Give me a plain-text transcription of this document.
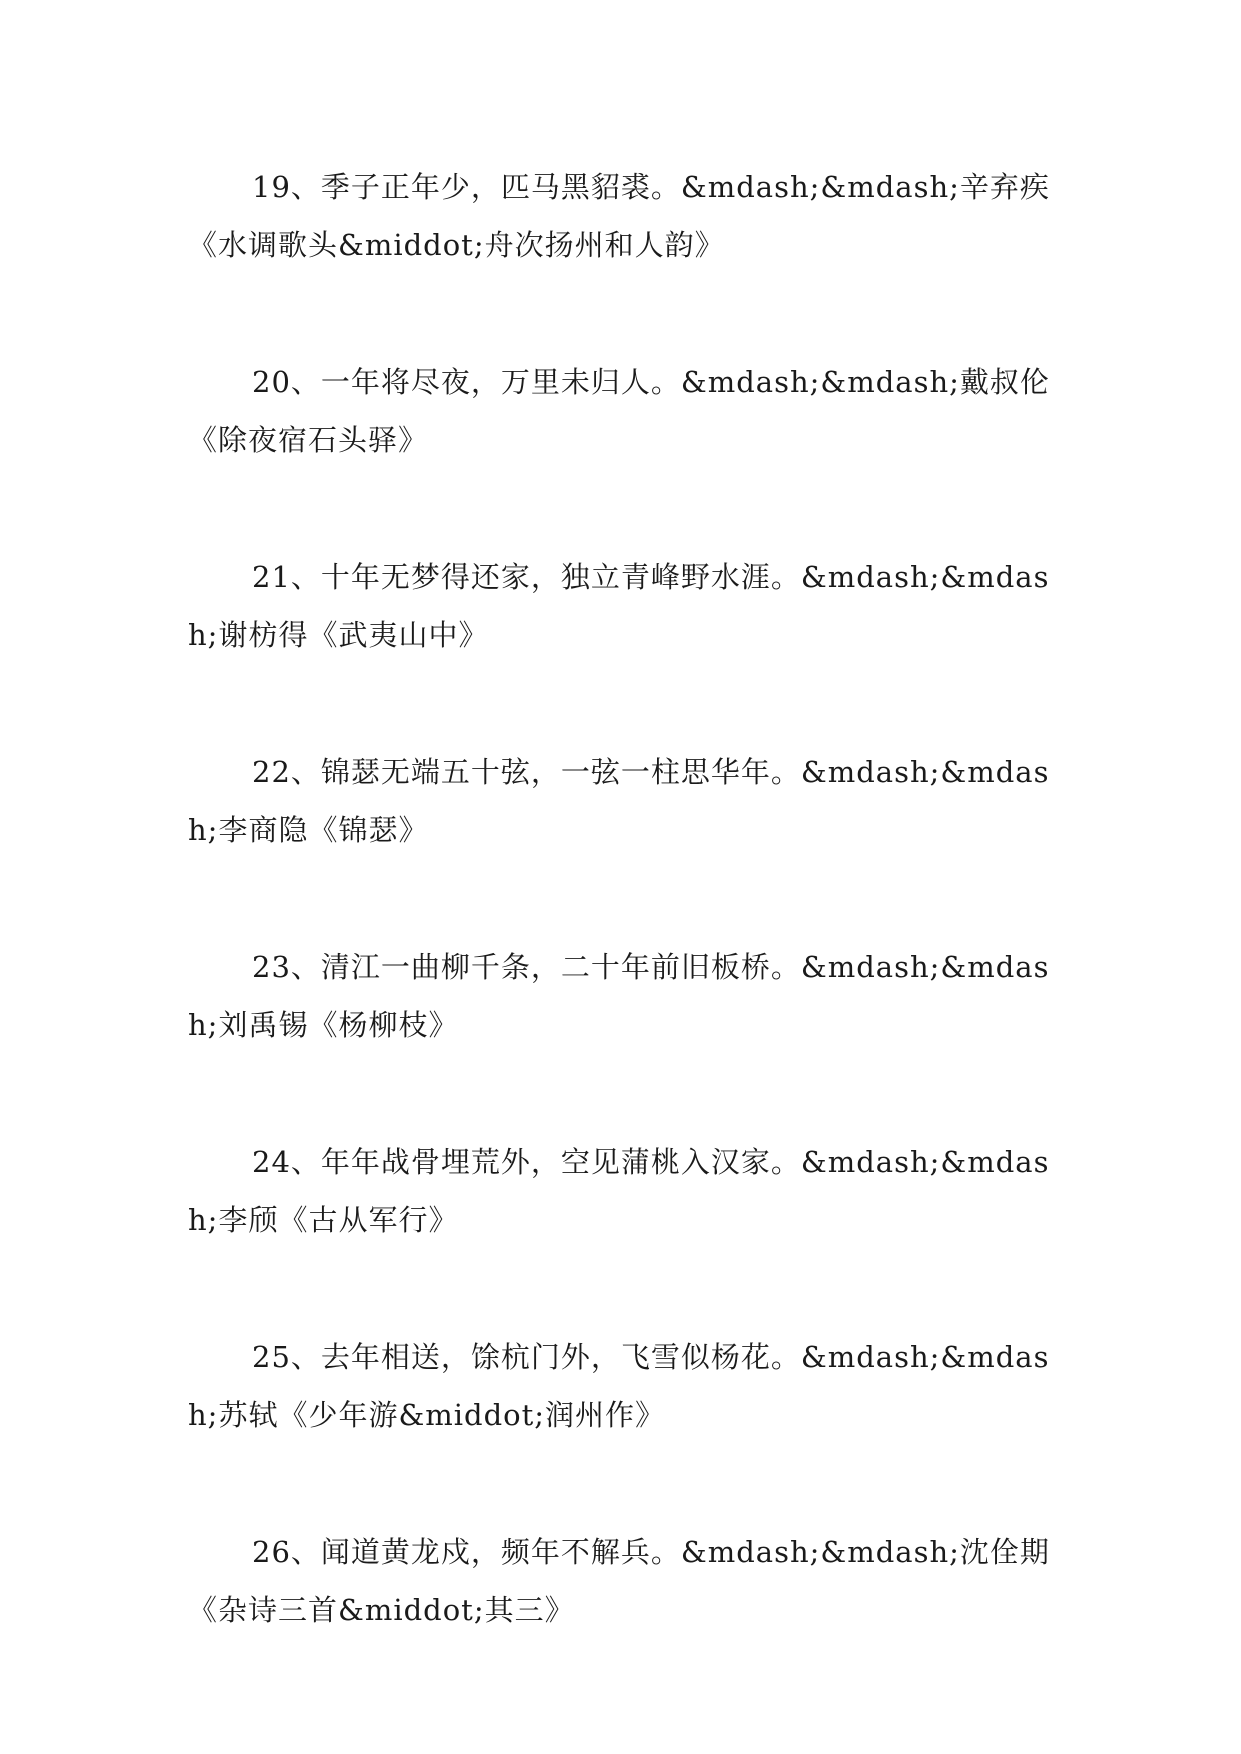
19、季子正年少，匹马黑貂裘。&mdash;&mdash;辛弃疾《水调歌头&middot;舟次扬州和人韵》

20、一年将尽夜，万里未归人。&mdash;&mdash;戴叔伦《除夜宿石头驿》

21、十年无梦得还家，独立青峰野水涯。&mdash;&mdash;谢枋得《武夷山中》

22、锦瑟无端五十弦，一弦一柱思华年。&mdash;&mdash;李商隐《锦瑟》

23、清江一曲柳千条，二十年前旧板桥。&mdash;&mdash;刘禹锡《杨柳枝》

24、年年战骨埋荒外，空见蒲桃入汉家。&mdash;&mdash;李颀《古从军行》

25、去年相送，馀杭门外，飞雪似杨花。&mdash;&mdash;苏轼《少年游&middot;润州作》

26、闻道黄龙戍，频年不解兵。&mdash;&mdash;沈佺期《杂诗三首&middot;其三》
